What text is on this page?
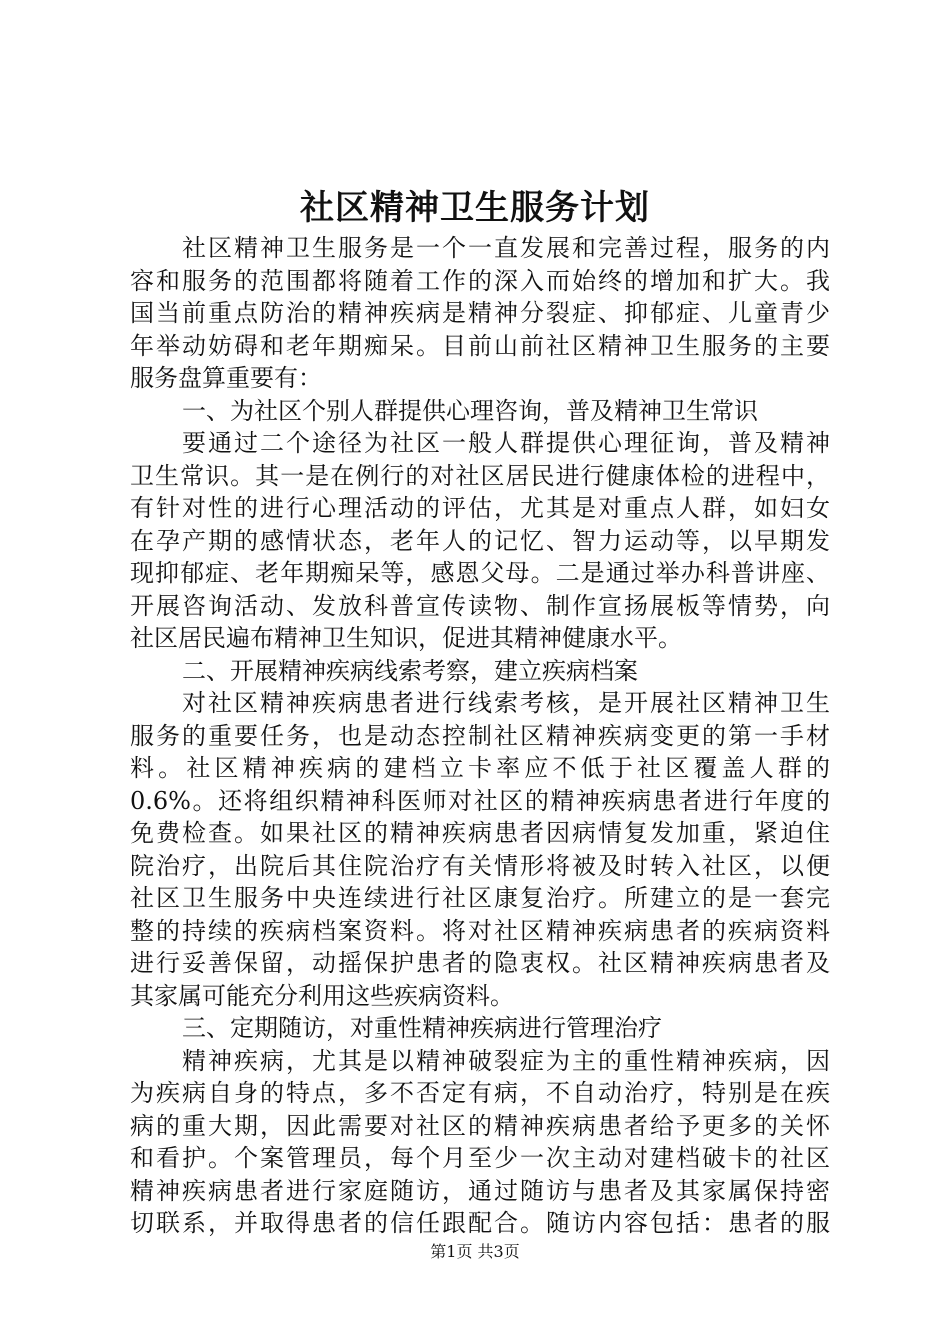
社区精神卫生服务计划
社区精神卫生服务是一个一直发展和完善过程，服务的内
容和服务的范围都将随着工作的深入而始终的增加和扩大。我
国当前重点防治的精神疾病是精神分裂症、抑郁症、儿童青少
年举动妨碍和老年期痴呆。目前山前社区精神卫生服务的主要
服务盘算重要有：
一、为社区个别人群提供心理咨询，普及精神卫生常识
要通过二个途径为社区一般人群提供心理征询，普及精神
卫生常识。其一是在例行的对社区居民进行健康体检的进程中，
有针对性的进行心理活动的评估，尤其是对重点人群，如妇女
在孕产期的感情状态，老年人的记忆、智力运动等，以早期发
现抑郁症、老年期痴呆等，感恩父母。二是通过举办科普讲座、
开展咨询活动、发放科普宣传读物、制作宣扬展板等情势，向
社区居民遍布精神卫生知识，促进其精神健康水平。
二、开展精神疾病线索考察，建立疾病档案
对社区精神疾病患者进行线索考核，是开展社区精神卫生
服务的重要任务，也是动态控制社区精神疾病变更的第一手材
料。社区精神疾病的建档立卡率应不低于社区覆盖人群的
0.6%。还将组织精神科医师对社区的精神疾病患者进行年度的
免费检查。如果社区的精神疾病患者因病情复发加重，紧迫住
院治疗，出院后其住院治疗有关情形将被及时转入社区，以便
社区卫生服务中央连续进行社区康复治疗。所建立的是一套完
整的持续的疾病档案资料。将对社区精神疾病患者的疾病资料
进行妥善保留，动摇保护患者的隐衷权。社区精神疾病患者及
其家属可能充分利用这些疾病资料。
三、定期随访，对重性精神疾病进行管理治疗
精神疾病，尤其是以精神破裂症为主的重性精神疾病，因
为疾病自身的特点，多不否定有病，不自动治疗，特别是在疾
病的重大期，因此需要对社区的精神疾病患者给予更多的关怀
和看护。个案管理员，每个月至少一次主动对建档破卡的社区
精神疾病患者进行家庭随访，通过随访与患者及其家属保持密
切联系，并取得患者的信任跟配合。随访内容包括：患者的服
第1页 共3页
